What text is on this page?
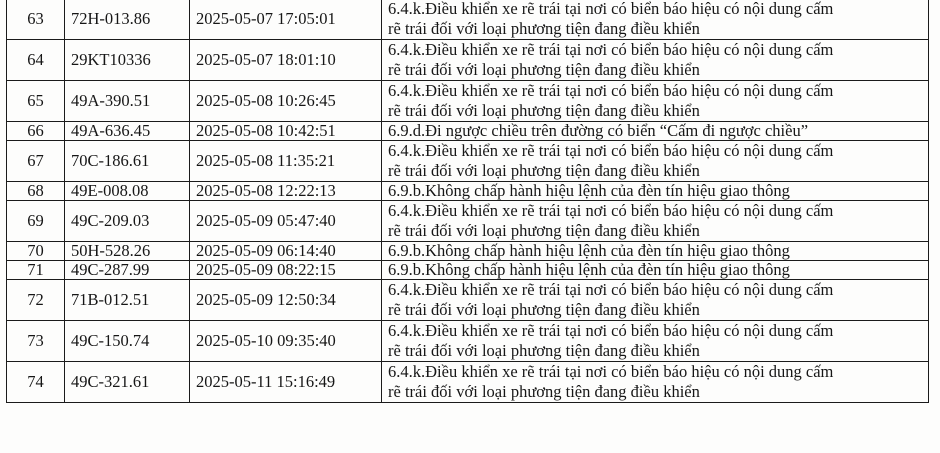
63	72H-013.86	2025-05-07 17:05:01	6.4.k.Điều khiển xe rẽ trái tại nơi có biển báo hiệu có nội dung cấm
rẽ trái đối với loại phương tiện đang điều khiển

64	29KT10336	2025-05-07 18:01:10	6.4.k.Điều khiển xe rẽ trái tại nơi có biển báo hiệu có nội dung cấm
rẽ trái đối với loại phương tiện đang điều khiển

65	49A-390.51	2025-05-08 10:26:45	6.4.k.Điều khiển xe rẽ trái tại nơi có biển báo hiệu có nội dung cấm
rẽ trái đối với loại phương tiện đang điều khiển

66	49A-636.45	2025-05-08 10:42:51	6.9.d.Đi ngược chiều trên đường có biển “Cấm đi ngược chiều”

67	70C-186.61	2025-05-08 11:35:21	6.4.k.Điều khiển xe rẽ trái tại nơi có biển báo hiệu có nội dung cấm
rẽ trái đối với loại phương tiện đang điều khiển

68	49E-008.08	2025-05-08 12:22:13	6.9.b.Không chấp hành hiệu lệnh của đèn tín hiệu giao thông

69	49C-209.03	2025-05-09 05:47:40	6.4.k.Điều khiển xe rẽ trái tại nơi có biển báo hiệu có nội dung cấm
rẽ trái đối với loại phương tiện đang điều khiển

70	50H-528.26	2025-05-09 06:14:40	6.9.b.Không chấp hành hiệu lệnh của đèn tín hiệu giao thông

71	49C-287.99	2025-05-09 08:22:15	6.9.b.Không chấp hành hiệu lệnh của đèn tín hiệu giao thông

72	71B-012.51	2025-05-09 12:50:34	6.4.k.Điều khiển xe rẽ trái tại nơi có biển báo hiệu có nội dung cấm
rẽ trái đối với loại phương tiện đang điều khiển

73	49C-150.74	2025-05-10 09:35:40	6.4.k.Điều khiển xe rẽ trái tại nơi có biển báo hiệu có nội dung cấm
rẽ trái đối với loại phương tiện đang điều khiển

74	49C-321.61	2025-05-11 15:16:49	6.4.k.Điều khiển xe rẽ trái tại nơi có biển báo hiệu có nội dung cấm
rẽ trái đối với loại phương tiện đang điều khiển
